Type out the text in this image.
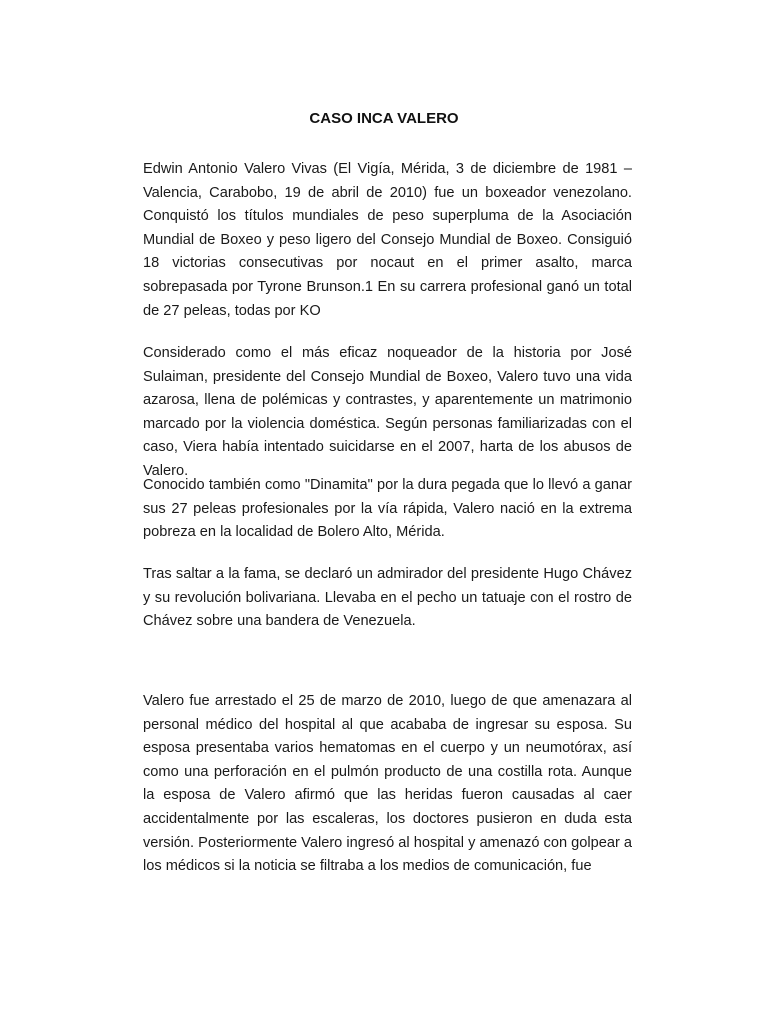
CASO INCA VALERO

Edwin Antonio Valero Vivas (El Vigía, Mérida, 3 de diciembre de 1981 – Valencia, Carabobo, 19 de abril de 2010) fue un boxeador venezolano. Conquistó los títulos mundiales de peso superpluma de la Asociación Mundial de Boxeo y peso ligero del Consejo Mundial de Boxeo. Consiguió 18 victorias consecutivas por nocaut en el primer asalto, marca sobrepasada por Tyrone Brunson.1 En su carrera profesional ganó un total de 27 peleas, todas por KO

Considerado como el más eficaz noqueador de la historia por José Sulaiman, presidente del Consejo Mundial de Boxeo, Valero tuvo una vida azarosa, llena de polémicas y contrastes, y aparentemente un matrimonio marcado por la violencia doméstica. Según personas familiarizadas con el caso, Viera había intentado suicidarse en el 2007, harta de los abusos de Valero.

Conocido también como "Dinamita" por la dura pegada que lo llevó a ganar sus 27 peleas profesionales por la vía rápida, Valero nació en la extrema pobreza en la localidad de Bolero Alto, Mérida.

Tras saltar a la fama, se declaró un admirador del presidente Hugo Chávez y su revolución bolivariana. Llevaba en el pecho un tatuaje con el rostro de Chávez sobre una bandera de Venezuela.

Valero fue arrestado el 25 de marzo de 2010, luego de que amenazara al personal médico del hospital al que acababa de ingresar su esposa. Su esposa presentaba varios hematomas en el cuerpo y un neumotórax, así como una perforación en el pulmón producto de una costilla rota. Aunque la esposa de Valero afirmó que las heridas fueron causadas al caer accidentalmente por las escaleras, los doctores pusieron en duda esta versión. Posteriormente Valero ingresó al hospital y amenazó con golpear a los médicos si la noticia se filtraba a los medios de comunicación, fue
